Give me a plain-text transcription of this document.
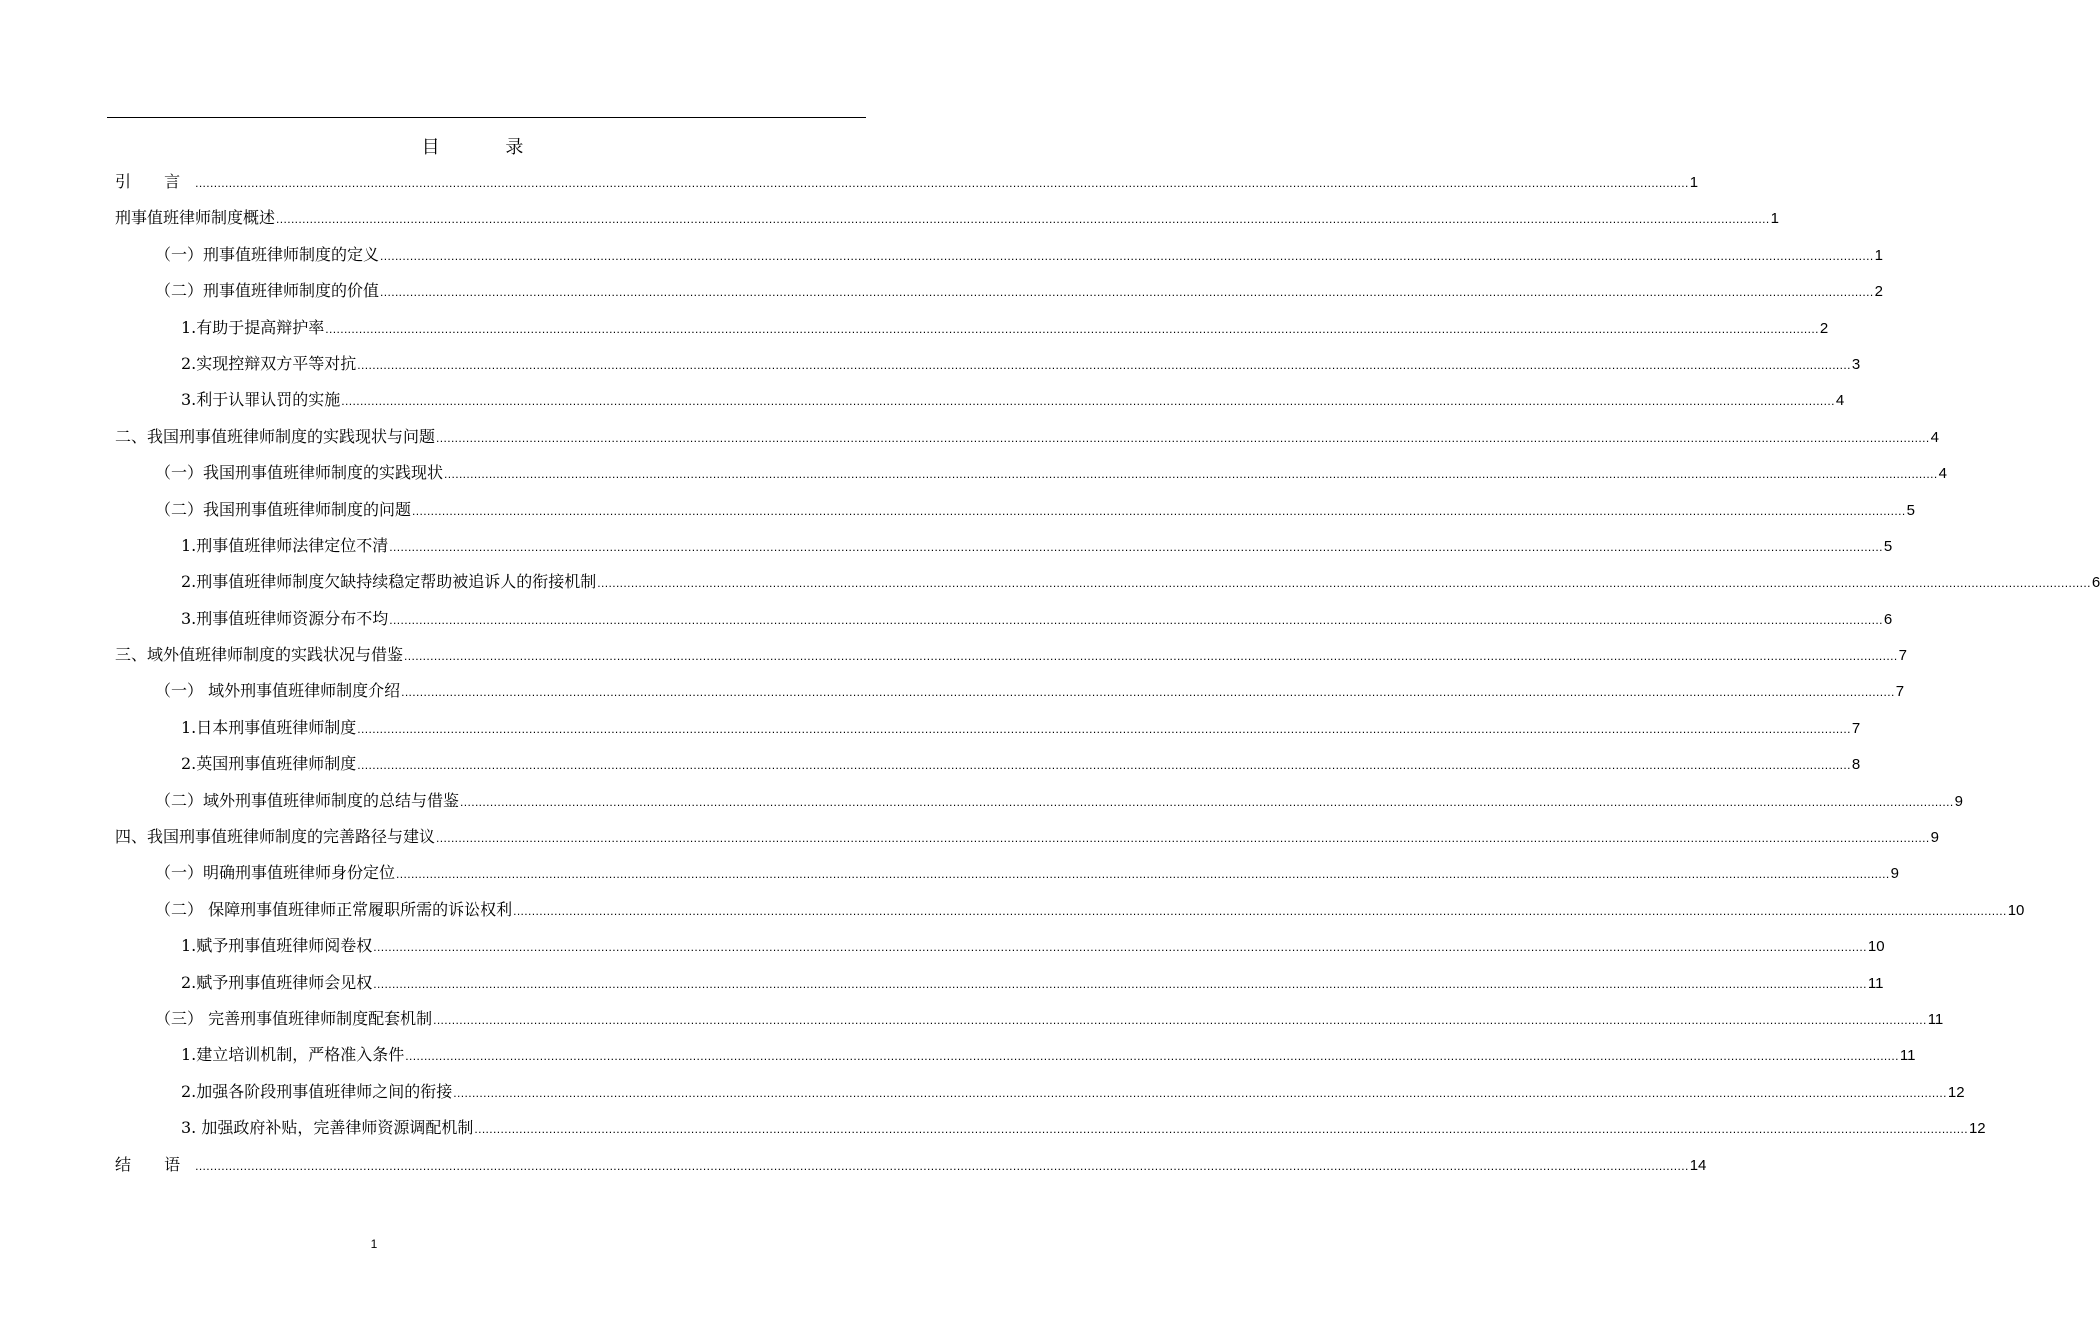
目 录
引 言 ................................................................................................................................................................................................................................................................................................................................................................................................................ 1
刑事值班律师制度概述 ................................................................................................................................................................................................................................................................................................................................................................................................................ 1
（一）刑事值班律师制度的定义 ................................................................................................................................................................................................................................................................................................................................................................................................................ 1
（二）刑事值班律师制度的价值 ................................................................................................................................................................................................................................................................................................................................................................................................................ 2
1.有助于提高辩护率 ................................................................................................................................................................................................................................................................................................................................................................................................................ 2
2.实现控辩双方平等对抗 ................................................................................................................................................................................................................................................................................................................................................................................................................ 3
3.利于认罪认罚的实施 ................................................................................................................................................................................................................................................................................................................................................................................................................ 4
二、我国刑事值班律师制度的实践现状与问题 ................................................................................................................................................................................................................................................................................................................................................................................................................ 4
（一）我国刑事值班律师制度的实践现状 ................................................................................................................................................................................................................................................................................................................................................................................................................ 4
（二）我国刑事值班律师制度的问题 ................................................................................................................................................................................................................................................................................................................................................................................................................ 5
1.刑事值班律师法律定位不清 ................................................................................................................................................................................................................................................................................................................................................................................................................ 5
2.刑事值班律师制度欠缺持续稳定帮助被追诉人的衔接机制 ................................................................................................................................................................................................................................................................................................................................................................................................................ 6
3.刑事值班律师资源分布不均 ................................................................................................................................................................................................................................................................................................................................................................................................................ 6
三、域外值班律师制度的实践状况与借鉴 ................................................................................................................................................................................................................................................................................................................................................................................................................ 7
（一） 域外刑事值班律师制度介绍 ................................................................................................................................................................................................................................................................................................................................................................................................................ 7
1.日本刑事值班律师制度 ................................................................................................................................................................................................................................................................................................................................................................................................................ 7
2.英国刑事值班律师制度 ................................................................................................................................................................................................................................................................................................................................................................................................................ 8
（二）域外刑事值班律师制度的总结与借鉴 ................................................................................................................................................................................................................................................................................................................................................................................................................ 9
四、我国刑事值班律师制度的完善路径与建议 ................................................................................................................................................................................................................................................................................................................................................................................................................ 9
（一）明确刑事值班律师身份定位 ................................................................................................................................................................................................................................................................................................................................................................................................................ 9
（二） 保障刑事值班律师正常履职所需的诉讼权利 ................................................................................................................................................................................................................................................................................................................................................................................................................ 10
1.赋予刑事值班律师阅卷权 ................................................................................................................................................................................................................................................................................................................................................................................................................ 10
2.赋予刑事值班律师会见权 ................................................................................................................................................................................................................................................................................................................................................................................................................ 11
（三） 完善刑事值班律师制度配套机制 ................................................................................................................................................................................................................................................................................................................................................................................................................ 11
1.建立培训机制，严格准入条件 ................................................................................................................................................................................................................................................................................................................................................................................................................ 11
2.加强各阶段刑事值班律师之间的衔接 ................................................................................................................................................................................................................................................................................................................................................................................................................ 12
3. 加强政府补贴，完善律师资源调配机制 ................................................................................................................................................................................................................................................................................................................................................................................................................ 12
结 语 ................................................................................................................................................................................................................................................................................................................................................................................................................ 14
1
